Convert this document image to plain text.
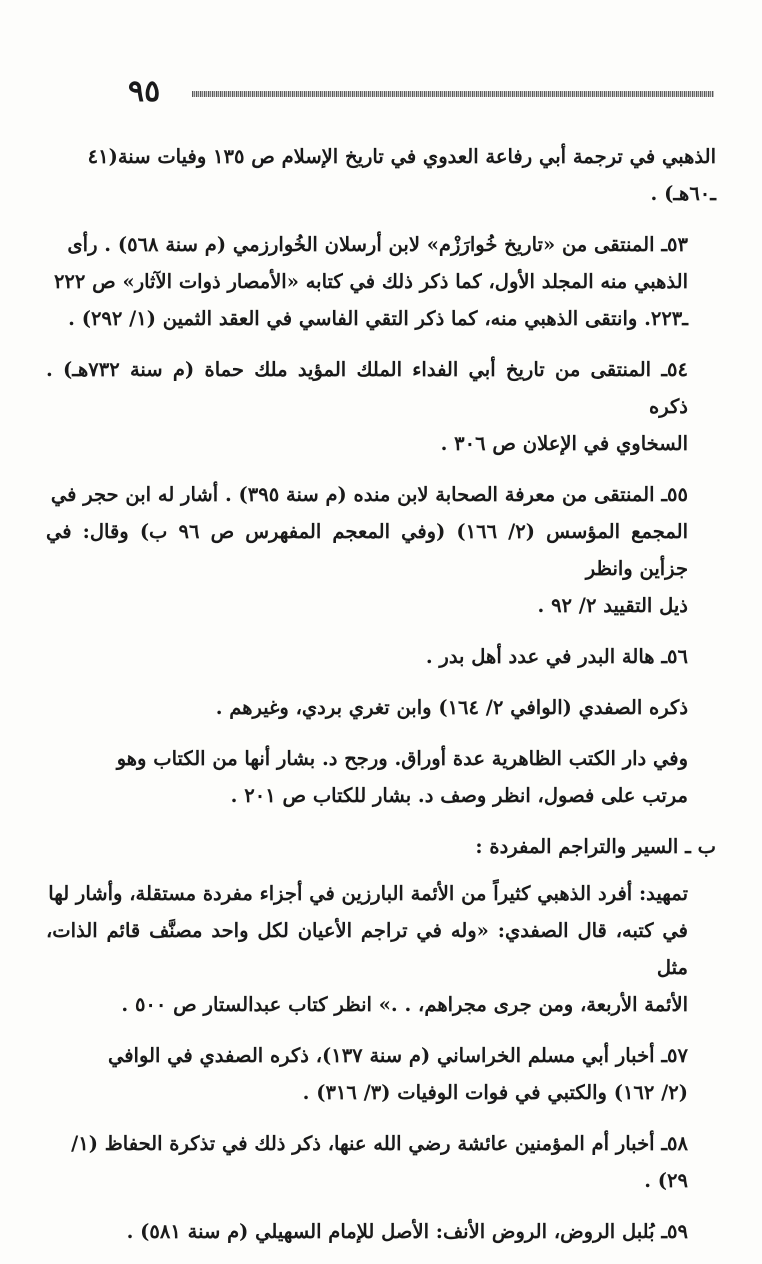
٩٥

الذهبي في ترجمة أبي رفاعة العدوي في تاريخ الإسلام ص ١٣٥ وفيات سنة(٤١
ـ٦٠هـ) .

٥٣ـ المنتقى من «تاريخ خُوارَزْم» لابن أرسلان الخُوارزمي (م سنة ٥٦٨) . رأى
الذهبي منه المجلد الأول، كما ذكر ذلك في كتابه «الأمصار ذوات الآثار» ص ٢٢٢
ـ٢٢٣. وانتقى الذهبي منه، كما ذكر التقي الفاسي في العقد الثمين (١/ ٢٩٢) .

٥٤ـ المنتقى من تاريخ أبي الفداء الملك المؤيد ملك حماة (م سنة ٧٣٢هـ) . ذكره
السخاوي في الإعلان ص ٣٠٦ .

٥٥ـ المنتقى من معرفة الصحابة لابن منده (م سنة ٣٩٥) . أشار له ابن حجر في
المجمع المؤسس (٢/ ١٦٦) (وفي المعجم المفهرس ص ٩٦ ب) وقال: في جزأين وانظر
ذيل التقييد ٢/ ٩٢ .

٥٦ـ هالة البدر في عدد أهل بدر .

ذكره الصفدي (الوافي ٢/ ١٦٤) وابن تغري بردي، وغيرهم .

وفي دار الكتب الظاهرية عدة أوراق. ورجح د. بشار أنها من الكتاب وهو
مرتب على فصول، انظر وصف د. بشار للكتاب ص ٢٠١ .

ب ـ السير والتراجم المفردة :

تمهيد: أفرد الذهبي كثيراً من الأئمة البارزين في أجزاء مفردة مستقلة، وأشار لها
في كتبه، قال الصفدي: «وله في تراجم الأعيان لكل واحد مصنَّف قائم الذات، مثل
الأئمة الأربعة، ومن جرى مجراهم، . .» انظر كتاب عبدالستار ص ٥٠٠ .

٥٧ـ أخبار أبي مسلم الخراساني (م سنة ١٣٧)، ذكره الصفدي في الوافي
(٢/ ١٦٢) والكتبي في فوات الوفيات (٣/ ٣١٦) .

٥٨ـ أخبار أم المؤمنين عائشة رضي الله عنها، ذكر ذلك في تذكرة الحفاظ (١/
٢٩) .

٥٩ـ بُلبل الروض، الروض الأنف: الأصل للإمام السهيلي (م سنة ٥٨١) .
